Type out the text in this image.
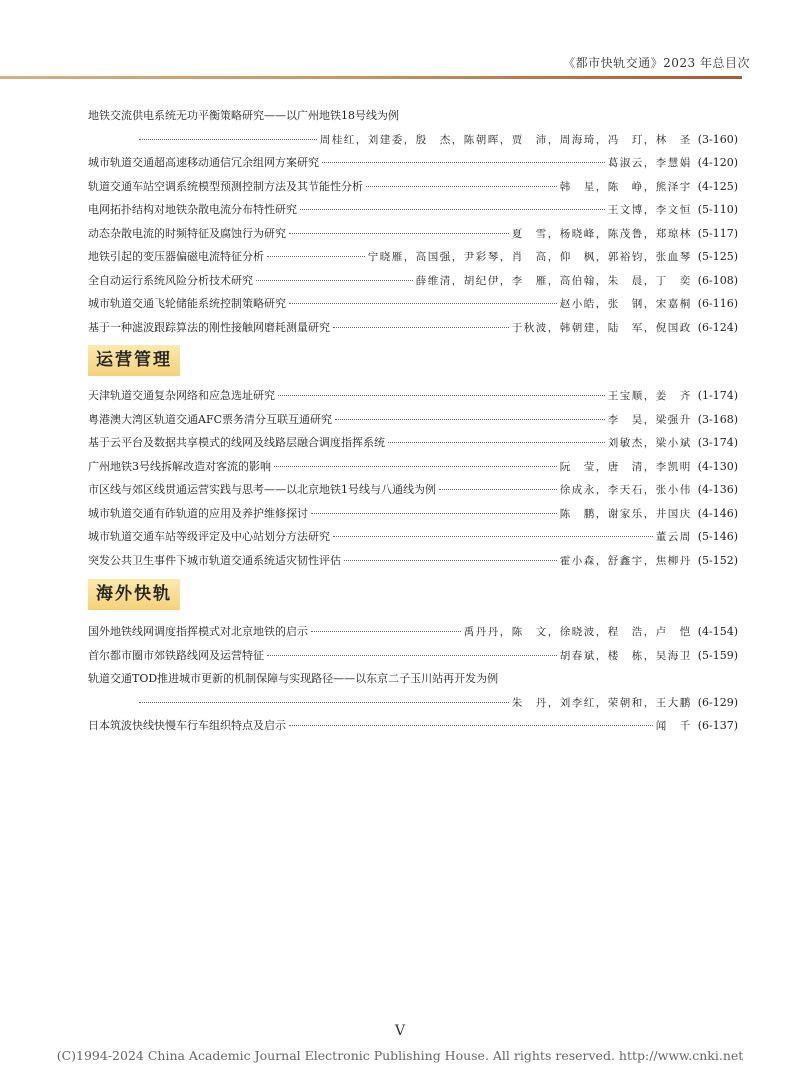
《都市快轨交通》2023 年总目次
地铁交流供电系统无功平衡策略研究——以广州地铁18号线为例
周桂红，刘建委，殷　杰，陈朝晖，贾　沛，周海琦，冯　玎，林　圣 (3-160)
城市轨道交通超高速移动通信冗余组网方案研究	葛淑云，李慧娟 (4-120)
轨道交通车站空调系统模型预测控制方法及其节能性分析	韩　星，陈　峥，熊泽宇 (4-125)
电网拓扑结构对地铁杂散电流分布特性研究	王文博，李文恒 (5-110)
动态杂散电流的时频特征及腐蚀行为研究	夏　雪，杨晓峰，陈茂鲁，郑琼林 (5-117)
地铁引起的变压器偏磁电流特征分析	宁晓雁，高国强，尹彩琴，肖　高，仰　枫，郭裕钧，张血琴 (5-125)
全自动运行系统风险分析技术研究	薛维清，胡纪伊，李　雁，高伯翰，朱　晨，丁　奕 (6-108)
城市轨道交通飞轮储能系统控制策略研究	赵小皓，张　钢，宋嘉桐 (6-116)
基于一种滤波跟踪算法的刚性接触网磨耗测量研究	于秋波，韩朝建，陆　军，倪国政 (6-124)
运营管理
天津轨道交通复杂网络和应急选址研究	王宝顺，姜　齐 (1-174)
粤港澳大湾区轨道交通AFC票务清分互联互通研究	李　昊，梁强升 (3-168)
基于云平台及数据共享模式的线网及线路层融合调度指挥系统	刘敏杰，梁小斌 (3-174)
广州地铁3号线拆解改造对客流的影响	阮　莹，唐　清，李凯明 (4-130)
市区线与郊区线贯通运营实践与思考——以北京地铁1号线与八通线为例	徐成永，李天石，张小伟 (4-136)
城市轨道交通有砟轨道的应用及养护维修探讨	陈　鹏，谢家乐，井国庆 (4-146)
城市轨道交通车站等级评定及中心站划分方法研究	董云周 (5-146)
突发公共卫生事件下城市轨道交通系统适灾韧性评估	霍小森，舒鑫宇，焦柳丹 (5-152)
海外快轨
国外地铁线网调度指挥模式对北京地铁的启示	禹丹丹，陈　文，徐晓波，程　浩，卢　恺 (4-154)
首尔都市圈市郊铁路线网及运营特征	胡春斌，楼　栋，吴海卫 (5-159)
轨道交通TOD推进城市更新的机制保障与实现路径——以东京二子玉川站再开发为例
朱　丹，刘李红，荣朝和，王大鹏 (6-129)
日本筑波快线快慢车行车组织特点及启示	闻　千 (6-137)
V
(C)1994-2024 China Academic Journal Electronic Publishing House. All rights reserved. http://www.cnki.net
